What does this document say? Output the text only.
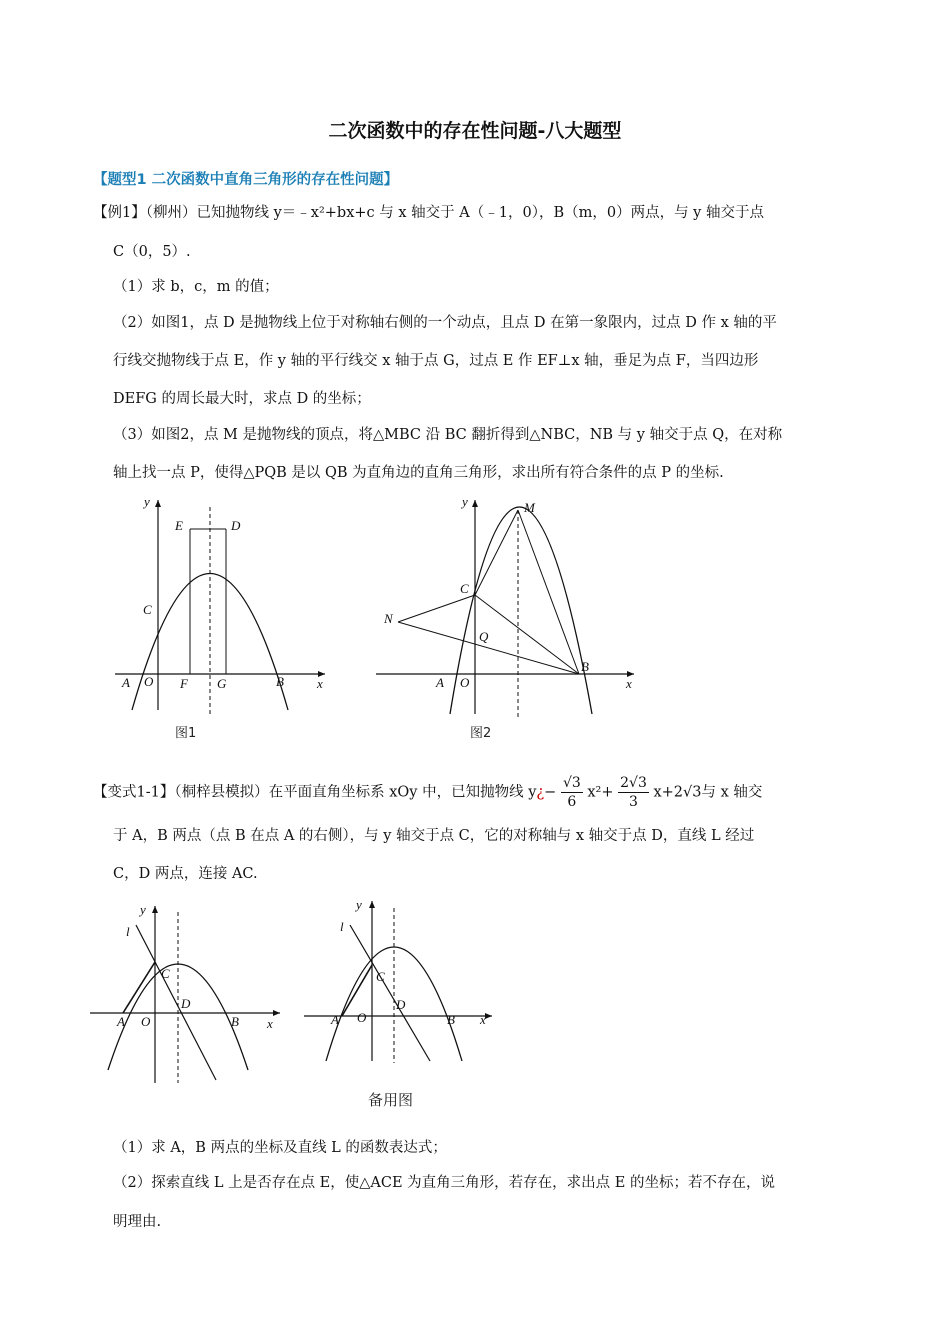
二次函数中的存在性问题-八大题型
【题型1 二次函数中直角三角形的存在性问题】
【例1】（柳州）已知抛物线 y＝﹣x²+bx+c 与 x 轴交于 A（﹣1，0），B（m，0）两点，与 y 轴交于点
C（0，5）.
（1）求 b，c，m 的值；
（2）如图1，点 D 是抛物线上位于对称轴右侧的一个动点，且点 D 在第一象限内，过点 D 作 x 轴的平
行线交抛物线于点 E，作 y 轴的平行线交 x 轴于点 G，过点 E 作 EF⊥x 轴，垂足为点 F，当四边形
DEFG 的周长最大时，求点 D 的坐标；
（3）如图2，点 M 是抛物线的顶点，将△MBC 沿 BC 翻折得到△NBC，NB 与 y 轴交于点 Q，在对称
轴上找一点 P，使得△PQB 是以 QB 为直角边的直角三角形，求出所有符合条件的点 P 的坐标.
y
x
E	D
C
A O F G	B
图1
y
x
M
C
N
Q
A O
B
图2
【变式1-1】（桐梓县模拟）在平面直角坐标系 xOy 中，已知抛物线 y¿− $\frac{√3}{6} x^2+ \frac{2√3}{3} x+2√3$与 x 轴交
于 A，B 两点（点 B 在点 A 的右侧），与 y 轴交于点 C，它的对称轴与 x 轴交于点 D，直线 L 经过
C，D 两点，连接 AC.
y
l
C
D
A O	B x
y
l
C
D
A O	B x
备用图
（1）求 A，B 两点的坐标及直线 L 的函数表达式；
（2）探索直线 L 上是否存在点 E，使△ACE 为直角三角形，若存在，求出点 E 的坐标；若不存在，说
明理由.
